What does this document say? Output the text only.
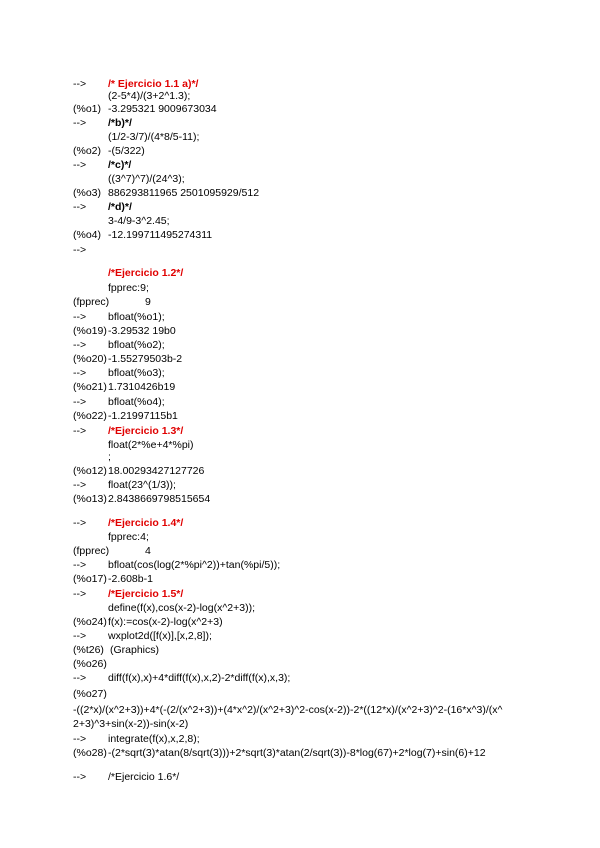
--> /* Ejercicio 1.1 a)*/
(2-5*4)/(3+2^1.3);
(%o1) -3.295321 9009673034
--> /*b)*/
(1/2-3/7)/(4*8/5-11);
(%o2) -(5/322)
--> /*c)*/
((3^7)^7)/(24^3);
(%o3) 886293811965 2501095929/512
--> /*d)*/
3-4/9-3^2.45;
(%o4) -12.199711495274311
-->
/*Ejercicio 1.2*/
fpprec:9;
(fpprec)	9
--> bfloat(%o1);
(%o19) -3.29532 19b0
--> bfloat(%o2);
(%o20) -1.55279503b-2
--> bfloat(%o3);
(%o21) 1.7310426b19
--> bfloat(%o4);
(%o22) -1.21997115b1
--> /*Ejercicio 1.3*/
float(2*%e+4*%pi)
;
(%o12) 18.00293427127726
--> float(23^(1/3));
(%o13) 2.8438669798515654
--> /*Ejercicio 1.4*/
fpprec:4;
(fpprec)	4
--> bfloat(cos(log(2*%pi^2))+tan(%pi/5));
(%o17) -2.608b-1
--> /*Ejercicio 1.5*/
define(f(x),cos(x-2)-log(x^2+3));
(%o24) f(x):=cos(x-2)-log(x^2+3)
--> wxplot2d([f(x)],[x,2,8]);
(%t26) (Graphics)
(%o26)
--> diff(f(x),x)+4*diff(f(x),x,2)-2*diff(f(x),x,3);
(%o27)
-((2*x)/(x^2+3))+4*(-(2/(x^2+3))+(4*x^2)/(x^2+3)^2-cos(x-2))-2*((12*x)/(x^2+3)^2-(16*x^3)/(x^
2+3)^3+sin(x-2))-sin(x-2)
--> integrate(f(x),x,2,8);
(%o28) -(2*sqrt(3)*atan(8/sqrt(3)))+2*sqrt(3)*atan(2/sqrt(3))-8*log(67)+2*log(7)+sin(6)+12
--> /*Ejercicio 1.6*/
